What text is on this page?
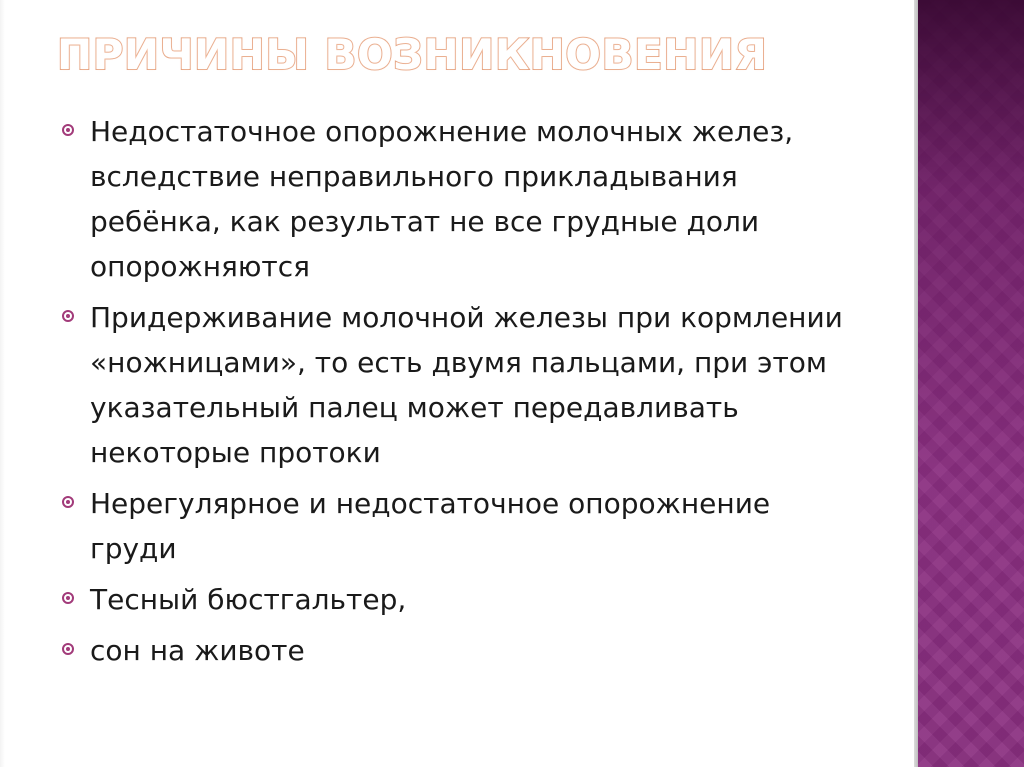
ПРИЧИНЫ ВОЗНИКНОВЕНИЯ
Недостаточное опорожнение молочных желез, вследствие неправильного прикладывания ребёнка, как результат не все грудные доли опорожняются
Придерживание молочной железы при кормлении «ножницами», то есть двумя пальцами, при этом указательный палец может передавливать некоторые протоки
Нерегулярное и недостаточное опорожнение груди
Тесный бюстгальтер,
сон на животе
